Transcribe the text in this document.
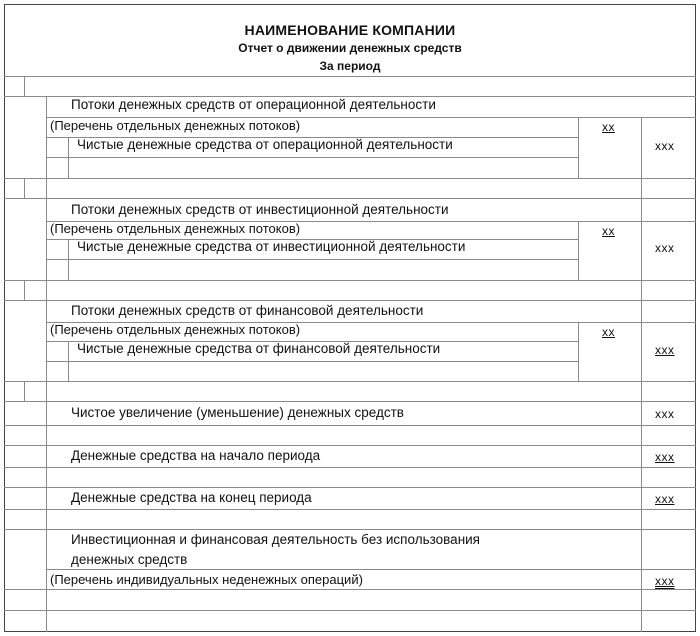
НАИМЕНОВАНИЕ КОМПАНИИ
Отчет о движении денежных средств
За период
Потоки денежных средств от операционной деятельности
(Перечень отдельных денежных потоков)	xx
Чистые денежные средства от операционной деятельности	xxx
Потоки денежных средств от инвестиционной деятельности
(Перечень отдельных денежных потоков)	xx
Чистые денежные средства от инвестиционной деятельности	xxx
Потоки денежных средств от финансовой деятельности
(Перечень отдельных денежных потоков)	xx
Чистые денежные средства от финансовой деятельности	xxx
Чистое увеличение (уменьшение) денежных средств	xxx
Денежные средства на начало периода	xxx
Денежные средства на конец периода	xxx
Инвестиционная и финансовая деятельность без использования
денежных средств
(Перечень индивидуальных неденежных операций)	xxx
